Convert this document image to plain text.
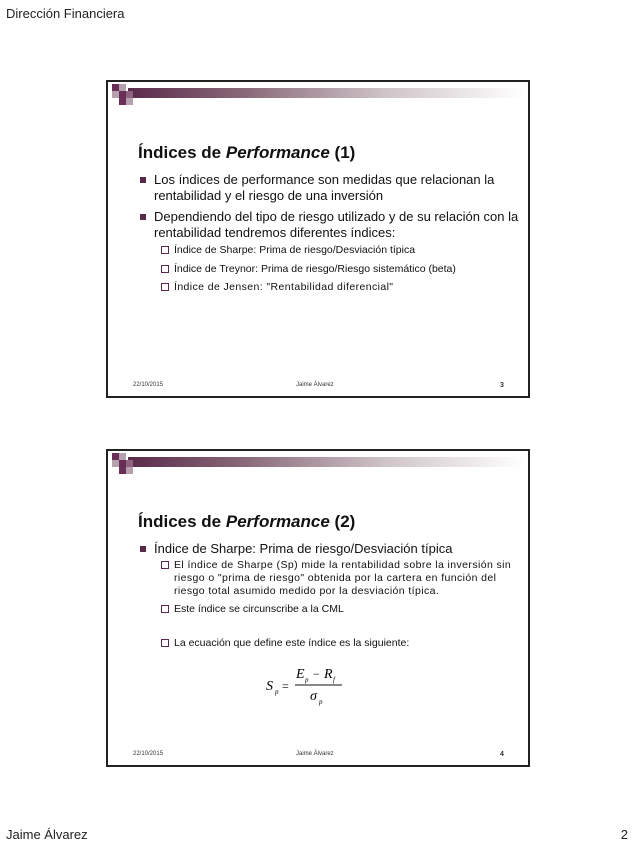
Dirección Financiera
Índices de Performance (1)
Los índices de performance son medidas que relacionan la rentabilidad y el riesgo de una inversión
Dependiendo del tipo de riesgo utilizado y de su relación con la rentabilidad tendremos diferentes índices:
Índice de Sharpe: Prima de riesgo/Desviación típica
Índice de Treynor: Prima de riesgo/Riesgo sistemático (beta)
Índice de Jensen: "Rentabilidad diferencial"
22/10/2015	Jaime Álvarez	3
Índices de Performance (2)
Índice de Sharpe: Prima de riesgo/Desviación típica
El índice de Sharpe (Sp) mide la rentabilidad sobre la inversión sin riesgo o "prima de riesgo" obtenida por la cartera en función del riesgo total asumido medido por la desviación típica.
Este índice se circunscribe a la CML
La ecuación que define este índice es la siguiente:
S p =
E p − R f
σ p
22/10/2015	Jaime Álvarez	4
Jaime Álvarez	2
